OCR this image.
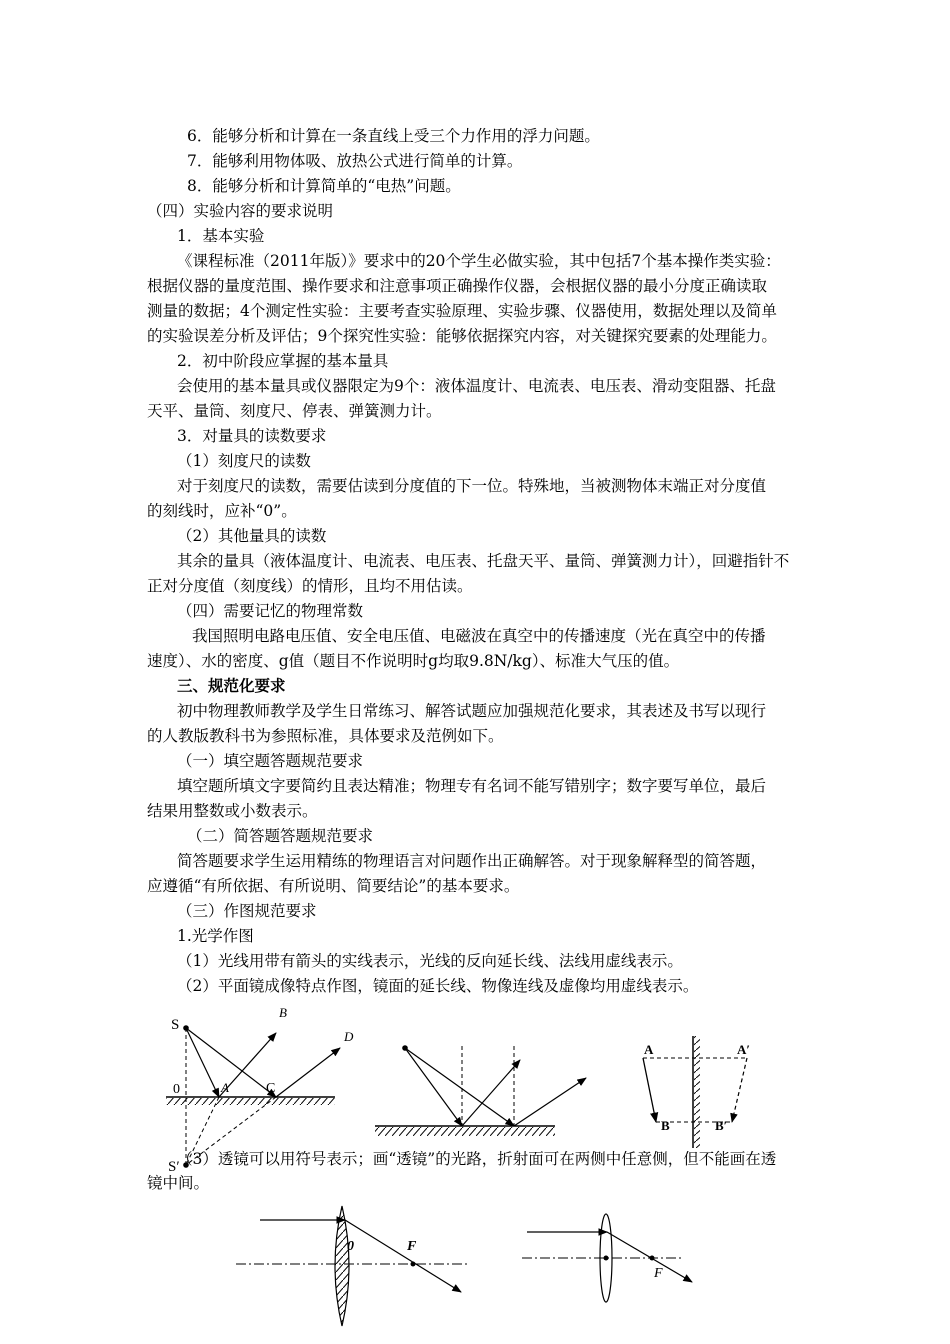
6．能够分析和计算在一条直线上受三个力作用的浮力问题。
7．能够利用物体吸、放热公式进行简单的计算。
8．能够分析和计算简单的“电热”问题。
（四）实验内容的要求说明
1．基本实验
《课程标准（2011年版）》要求中的20个学生必做实验，其中包括7个基本操作类实验：
根据仪器的量度范围、操作要求和注意事项正确操作仪器，会根据仪器的最小分度正确读取
测量的数据；4个测定性实验：主要考查实验原理、实验步骤、仪器使用，数据处理以及简单
的实验误差分析及评估；9个探究性实验：能够依据探究内容，对关键探究要素的处理能力。
2．初中阶段应掌握的基本量具
会使用的基本量具或仪器限定为9个：液体温度计、电流表、电压表、滑动变阻器、托盘
天平、量筒、刻度尺、停表、弹簧测力计。
3．对量具的读数要求
（1）刻度尺的读数
对于刻度尺的读数，需要估读到分度值的下一位。特殊地，当被测物体末端正对分度值
的刻线时，应补“0”。
（2）其他量具的读数
其余的量具（液体温度计、电流表、电压表、托盘天平、量筒、弹簧测力计），回避指针不
正对分度值（刻度线）的情形，且均不用估读。
（四）需要记忆的物理常数
我国照明电路电压值、安全电压值、电磁波在真空中的传播速度（光在真空中的传播
速度）、水的密度、g值（题目不作说明时g均取9.8N/kg）、标准大气压的值。
三、规范化要求
初中物理教师教学及学生日常练习、解答试题应加强规范化要求，其表述及书写以现行
的人教版教科书为参照标准，具体要求及范例如下。
（一）填空题答题规范要求
填空题所填文字要简约且表达精准；物理专有名词不能写错别字；数字要写单位，最后
结果用整数或小数表示。
（二）简答题答题规范要求
简答题要求学生运用精练的物理语言对问题作出正确解答。对于现象解释型的简答题，
应遵循“有所依据、有所说明、简要结论”的基本要求。
（三）作图规范要求
1.光学作图
（1）光线用带有箭头的实线表示，光线的反向延长线、法线用虚线表示。
（2）平面镜成像特点作图，镜面的延长线、物像连线及虚像均用虚线表示。
S
B
D
0	A	C
S′
A	A′
B	B′
0	F
F
（3）透镜可以用符号表示；画“透镜”的光路，折射面可在两侧中任意侧，但不能画在透
镜中间。
